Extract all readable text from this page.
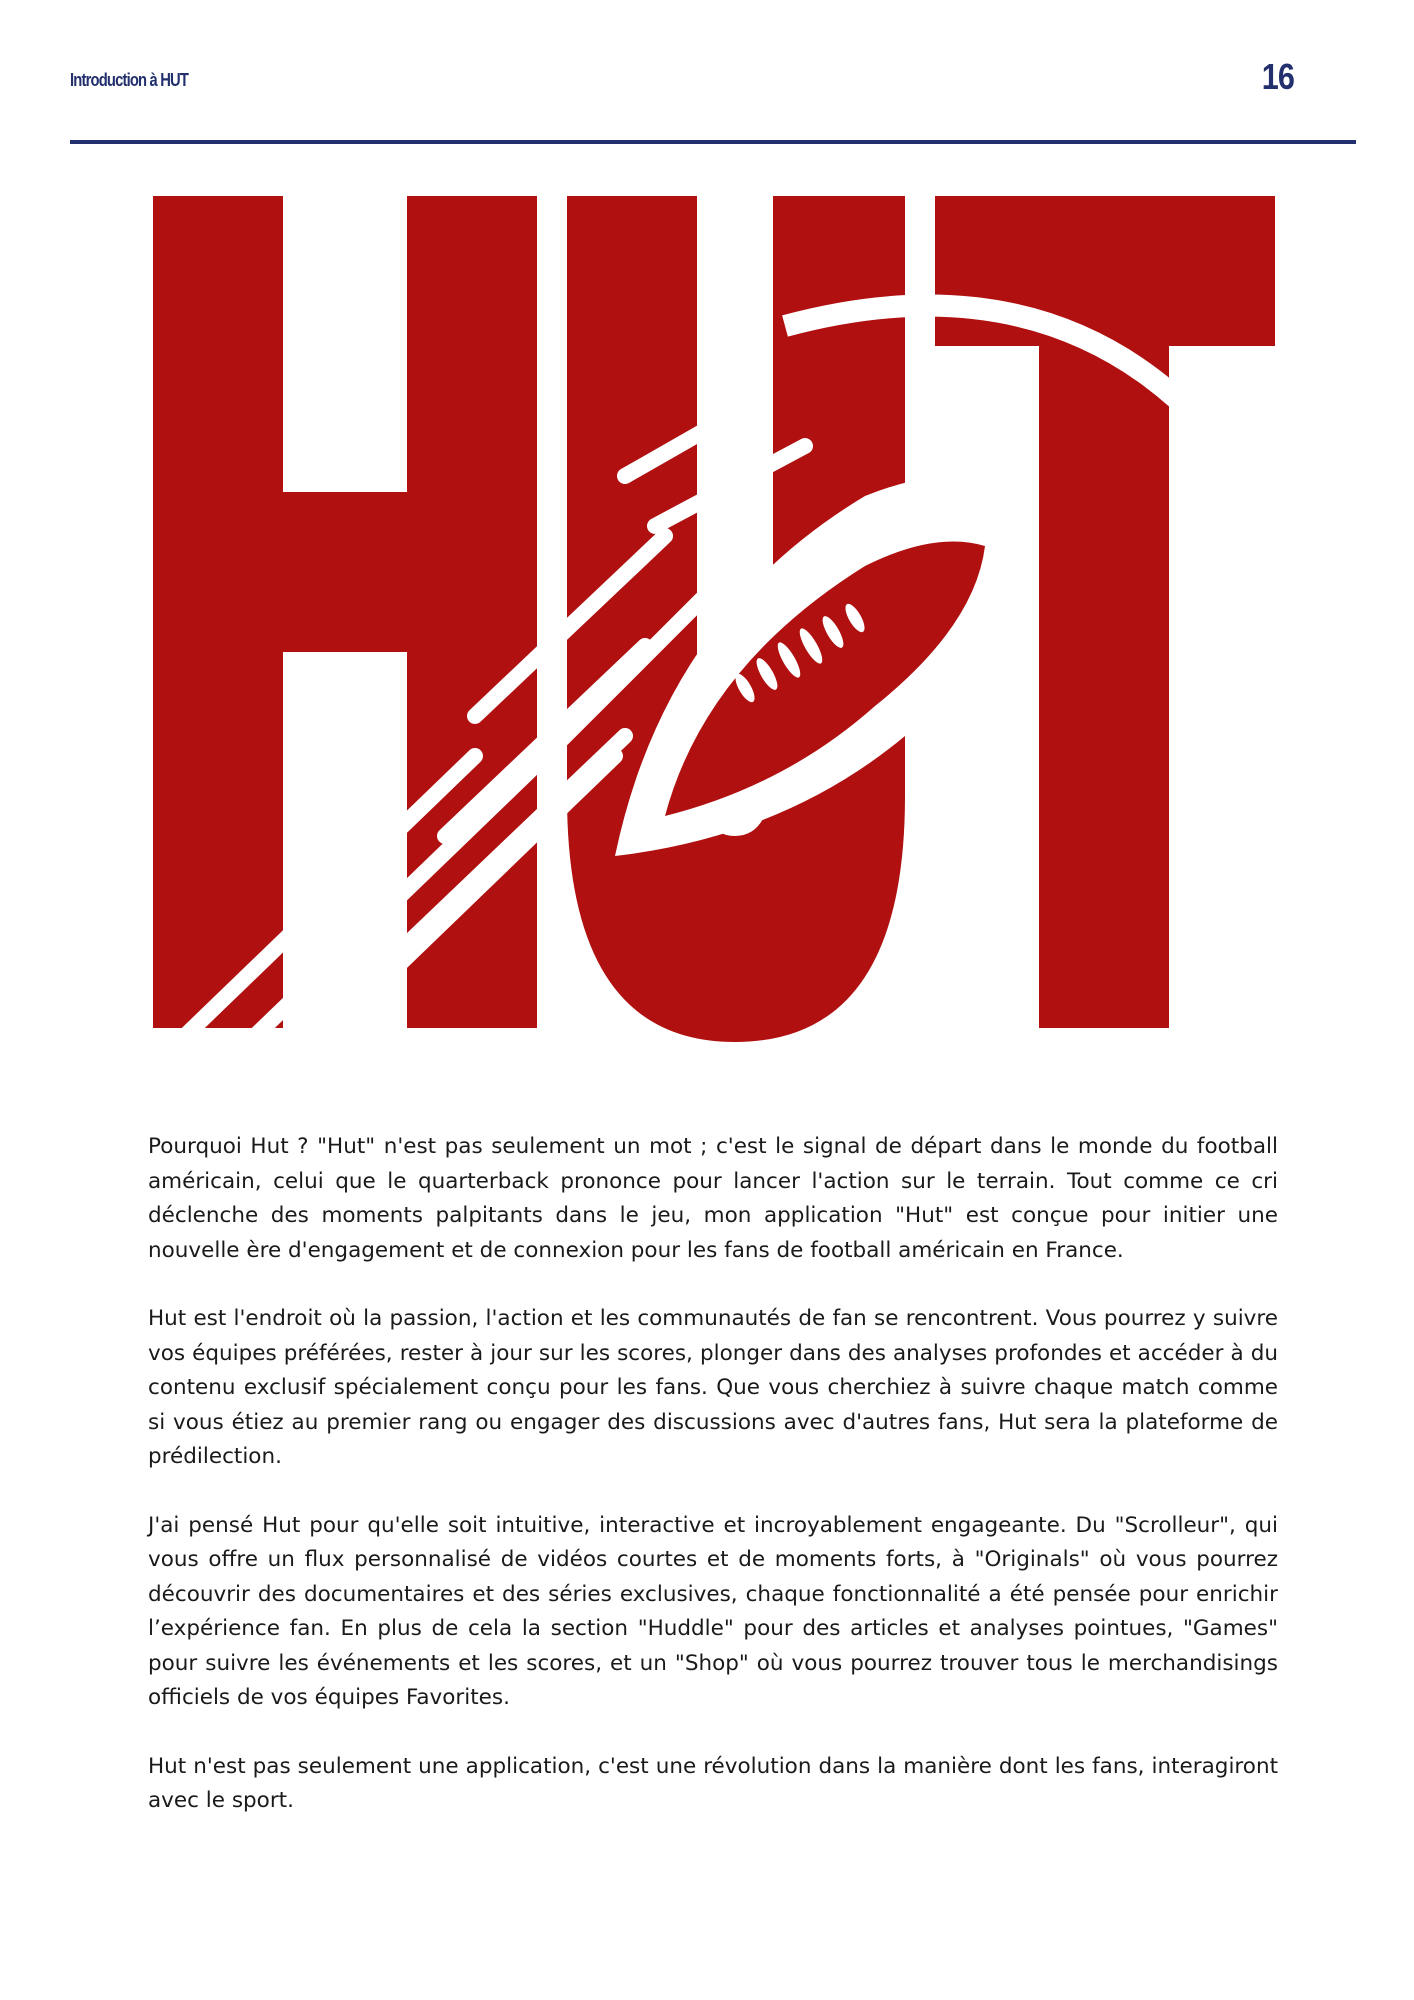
Introduction à HUT	16

Pourquoi Hut ? "Hut" n'est pas seulement un mot ; c'est le signal de départ dans le monde du football américain, celui que le quarterback prononce pour lancer l'action sur le terrain. Tout comme ce cri déclenche des moments palpitants dans le jeu, mon application "Hut" est conçue pour initier une nouvelle ère d'engagement et de connexion pour les fans de football américain en France.

Hut est l'endroit où la passion, l'action et les communautés de fan se rencontrent. Vous pourrez y suivre vos équipes préférées, rester à jour sur les scores, plonger dans des analyses profondes et accéder à du contenu exclusif spécialement conçu pour les fans. Que vous cherchiez à suivre chaque match comme si vous étiez au premier rang ou engager des discussions avec d'autres fans, Hut sera la plateforme de prédilection.

J'ai pensé Hut pour qu'elle soit intuitive, interactive et incroyablement engageante. Du "Scrolleur", qui vous offre un flux personnalisé de vidéos courtes et de moments forts, à "Originals" où vous pourrez découvrir des documentaires et des séries exclusives, chaque fonctionnalité a été pensée pour enrichir l’expérience fan. En plus de cela la section "Huddle" pour des articles et analyses pointues, "Games" pour suivre les événements et les scores, et un "Shop" où vous pourrez trouver tous le merchandisings officiels de vos équipes Favorites.

Hut n'est pas seulement une application, c'est une révolution dans la manière dont les fans, interagiront avec le sport.
